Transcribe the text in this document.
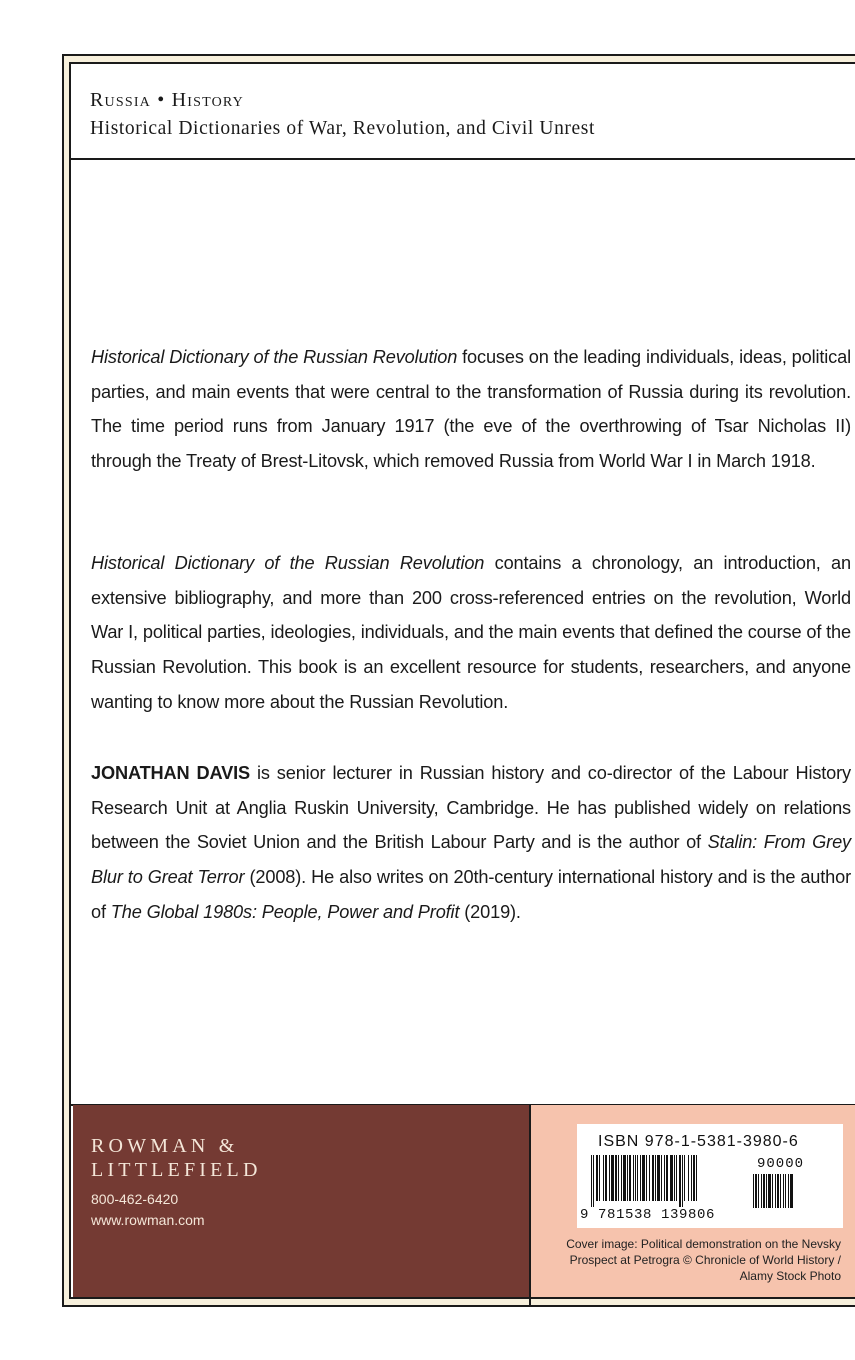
Russia • History
Historical Dictionaries of War, Revolution, and Civil Unrest
Historical Dictionary of the Russian Revolution focuses on the leading individuals, ideas, political parties, and main events that were central to the transformation of Russia during its revolution. The time period runs from January 1917 (the eve of the overthrowing of Tsar Nicholas II) through the Treaty of Brest-Litovsk, which removed Russia from World War I in March 1918.
Historical Dictionary of the Russian Revolution contains a chronology, an introduction, an extensive bibliography, and more than 200 cross-referenced entries on the revolution, World War I, political parties, ideologies, individuals, and the main events that defined the course of the Russian Revolution. This book is an excellent resource for students, researchers, and anyone wanting to know more about the Russian Revolution.
JONATHAN DAVIS is senior lecturer in Russian history and co-director of the Labour History Research Unit at Anglia Ruskin University, Cambridge. He has published widely on relations between the Soviet Union and the British Labour Party and is the author of Stalin: From Grey Blur to Great Terror (2008). He also writes on 20th-century international history and is the author of The Global 1980s: People, Power and Profit (2019).
ROWMAN &
LITTLEFIELD
800-462-6420
www.rowman.com
ISBN 978-1-5381-3980-6
90000
9 781538 139806
Cover image: Political demonstration on the Nevsky Prospect at Petrogra © Chronicle of World History / Alamy Stock Photo
